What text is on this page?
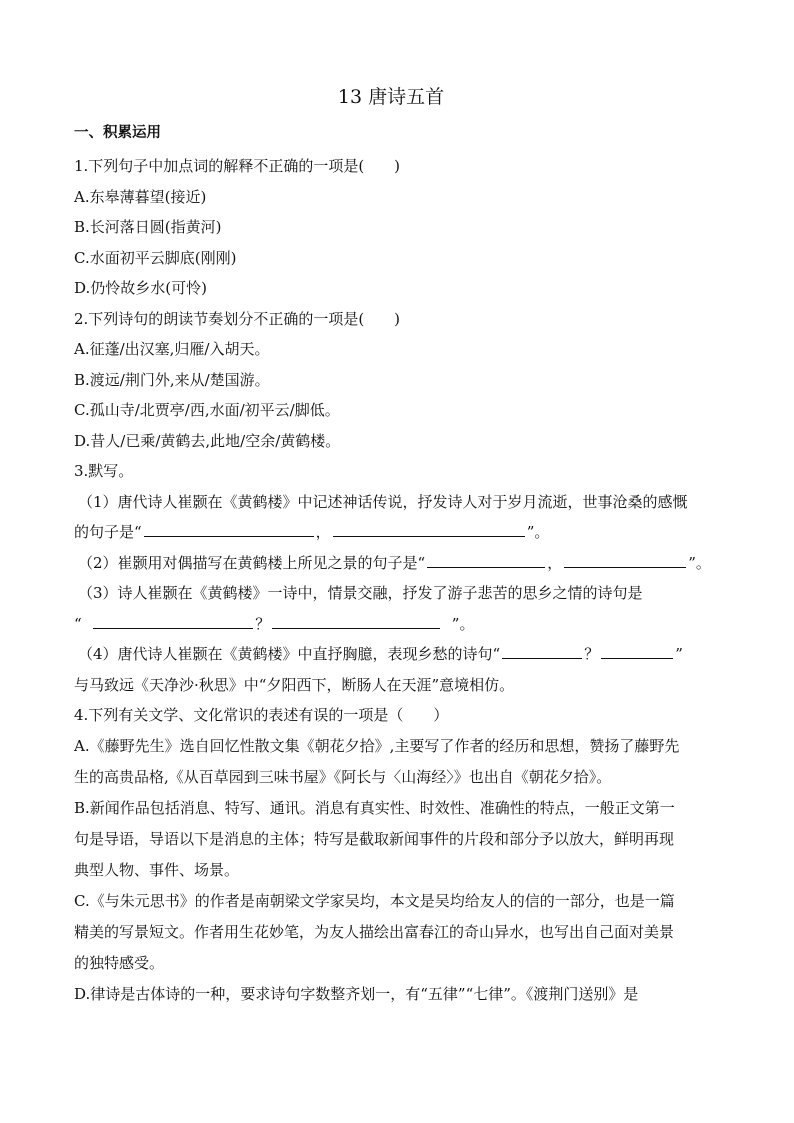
13 唐诗五首
一、积累运用
1.下列句子中加点词的解释不正确的一项是(　　)
A.东皋薄暮望(接近)
B.长河落日圆(指黄河)
C.水面初平云脚底(刚刚)
D.仍怜故乡水(可怜)
2.下列诗句的朗读节奏划分不正确的一项是(　　)
A.征蓬/出汉塞,归雁/入胡天。
B.渡远/荆门外,来从/楚国游。
C.孤山寺/北贾亭/西,水面/初平云/脚低。
D.昔人/已乘/黄鹤去,此地/空余/黄鹤楼。
3.默写。
（1）唐代诗人崔颢在《黄鹤楼》中记述神话传说，抒发诗人对于岁月流逝，世事沧桑的感慨
的句子是“	，	”。
（2）崔颢用对偶描写在黄鹤楼上所见之景的句子是“	，	”。
（3）诗人崔颢在《黄鹤楼》一诗中，情景交融，抒发了游子悲苦的思乡之情的诗句是
“	？	”。
（4）唐代诗人崔颢在《黄鹤楼》中直抒胸臆，表现乡愁的诗句“	？	”
与马致远《天净沙·秋思》中“夕阳西下，断肠人在天涯”意境相仿。
4.下列有关文学、文化常识的表述有误的一项是（　　）
A.《藤野先生》选自回忆性散文集《朝花夕拾》,主要写了作者的经历和思想，赞扬了藤野先
生的高贵品格,《从百草园到三味书屋》《阿长与〈山海经〉》也出自《朝花夕拾》。
B.新闻作品包括消息、特写、通讯。消息有真实性、时效性、准确性的特点，一般正文第一
句是导语，导语以下是消息的主体；特写是截取新闻事件的片段和部分予以放大，鲜明再现
典型人物、事件、场景。
C.《与朱元思书》的作者是南朝梁文学家吴均，本文是吴均给友人的信的一部分，也是一篇
精美的写景短文。作者用生花妙笔，为友人描绘出富春江的奇山异水，也写出自己面对美景
的独特感受。
D.律诗是古体诗的一种，要求诗句字数整齐划一，有“五律”“七律”。《渡荆门送别》是
